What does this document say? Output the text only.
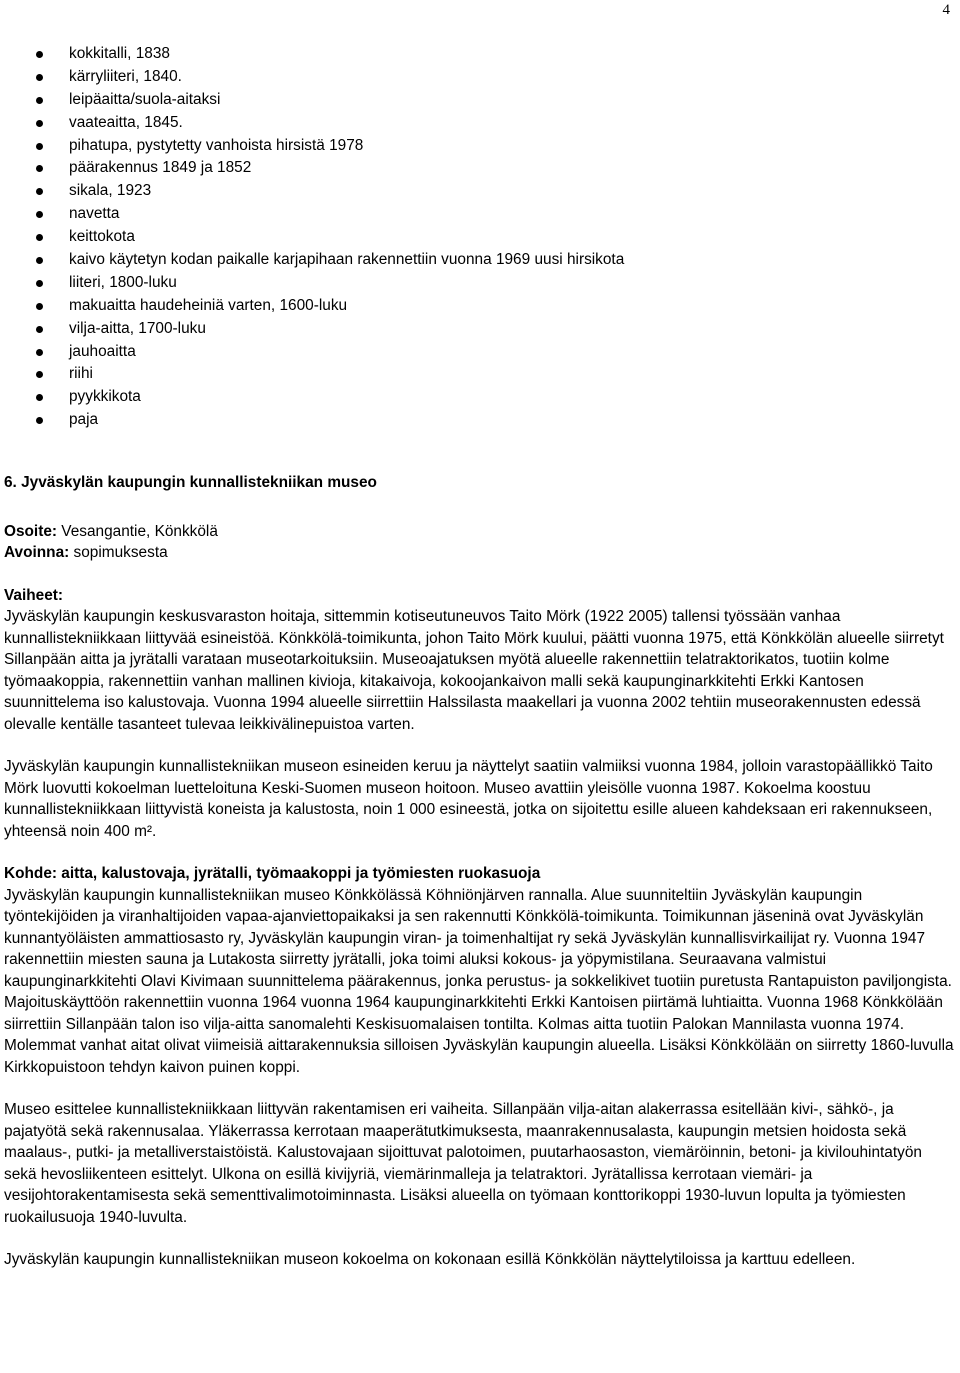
4
kokkitalli, 1838
kärryliiteri, 1840.
leipäaitta/suola-aitaksi
vaateaitta, 1845.
pihatupa, pystytetty vanhoista hirsistä 1978
päärakennus 1849 ja 1852
sikala, 1923
navetta
keittokota
kaivo käytetyn kodan paikalle karjapihaan rakennettiin vuonna 1969 uusi hirsikota
liiteri, 1800-luku
makuaitta haudeheiniä varten, 1600-luku
vilja-aitta, 1700-luku
jauhoaitta
riihi
pyykkikota
paja
6. Jyväskylän kaupungin kunnallistekniikan museo

Osoite: Vesangantie, Könkkölä

Avoinna: sopimuksesta

Vaiheet:

Jyväskylän kaupungin keskusvaraston hoitaja, sittemmin kotiseutuneuvos Taito Mörk (1922 2005) tallensi työssään vanhaa kunnallistekniikkaan liittyvää esineistöä. Könkkölä-toimikunta, johon Taito Mörk kuului, päätti vuonna 1975, että Könkkölän alueelle siirretyt Sillanpään aitta ja jyrätalli varataan museotarkoituksiin. Museoajatuksen myötä alueelle rakennettiin telatraktorikatos, tuotiin kolme työmaakoppia, rakennettiin vanhan mallinen kivioja, kitakaivoja, kokoojankaivon malli sekä kaupunginarkkitehti Erkki Kantosen suunnittelema iso kalustovaja. Vuonna 1994 alueelle siirrettiin Halssilasta maakellari ja vuonna 2002 tehtiin museorakennusten edessä olevalle kentälle tasanteet tulevaa leikkivälinepuistoa varten.

Jyväskylän kaupungin kunnallistekniikan museon esineiden keruu ja näyttelyt saatiin valmiiksi vuonna 1984, jolloin varastopäällikkö Taito Mörk luovutti kokoelman luetteloituna Keski-Suomen museon hoitoon. Museo avattiin yleisölle vuonna 1987. Kokoelma koostuu kunnallistekniikkaan liittyvistä koneista ja kalustosta, noin 1 000 esineestä, jotka on sijoitettu esille alueen kahdeksaan eri rakennukseen, yhteensä noin 400 m².

Kohde: aitta, kalustovaja, jyrätalli, työmaakoppi ja työmiesten ruokasuoja

Jyväskylän kaupungin kunnallistekniikan museo Könkkölässä Köhniönjärven rannalla. Alue suunniteltiin Jyväskylän kaupungin työntekijöiden ja viranhaltijoiden vapaa-ajanviettopaikaksi ja sen rakennutti Könkkölä-toimikunta. Toimikunnan jäseninä ovat Jyväskylän kunnantyöläisten ammattiosasto ry, Jyväskylän kaupungin viran- ja toimenhaltijat ry sekä Jyväskylän kunnallisvirkailijat ry. Vuonna 1947 rakennettiin miesten sauna ja Lutakosta siirretty jyrätalli, joka toimi aluksi kokous- ja yöpymistilana. Seuraavana valmistui kaupunginarkkitehti Olavi Kivimaan suunnittelema päärakennus, jonka perustus- ja sokkelikivet tuotiin puretusta Rantapuiston paviljongista. Majoituskäyttöön rakennettiin vuonna 1964 vuonna 1964 kaupunginarkkitehti Erkki Kantoisen piirtämä luhtiaitta. Vuonna 1968 Könkkölään siirrettiin Sillanpään talon iso vilja-aitta sanomalehti Keskisuomalaisen tontilta. Kolmas aitta tuotiin Palokan Mannilasta vuonna 1974. Molemmat vanhat aitat olivat viimeisiä aittarakennuksia silloisen Jyväskylän kaupungin alueella. Lisäksi Könkkölään on siirretty 1860-luvulla Kirkkopuistoon tehdyn kaivon puinen koppi.

Museo esittelee kunnallistekniikkaan liittyvän rakentamisen eri vaiheita. Sillanpään vilja-aitan alakerrassa esitellään kivi-, sähkö-, ja pajatyötä sekä rakennusalaa. Yläkerrassa kerrotaan maaperätutkimuksesta, maanrakennusalasta, kaupungin metsien hoidosta sekä maalaus-, putki- ja metalliverstaistöistä. Kalustovajaan sijoittuvat palotoimen, puutarhaosaston, viemäröinnin, betoni- ja kivilouhintatyön sekä hevosliikenteen esittelyt. Ulkona on esillä kivijyriä, viemärinmalleja ja telatraktori. Jyrätallissa kerrotaan viemäri- ja vesijohtorakentamisesta sekä sementtivalimotoiminnasta. Lisäksi alueella on työmaan konttorikoppi 1930-luvun lopulta ja työmiesten ruokailusuoja 1940-luvulta.

Jyväskylän kaupungin kunnallistekniikan museon kokoelma on kokonaan esillä Könkkölän näyttelytiloissa ja karttuu edelleen.
